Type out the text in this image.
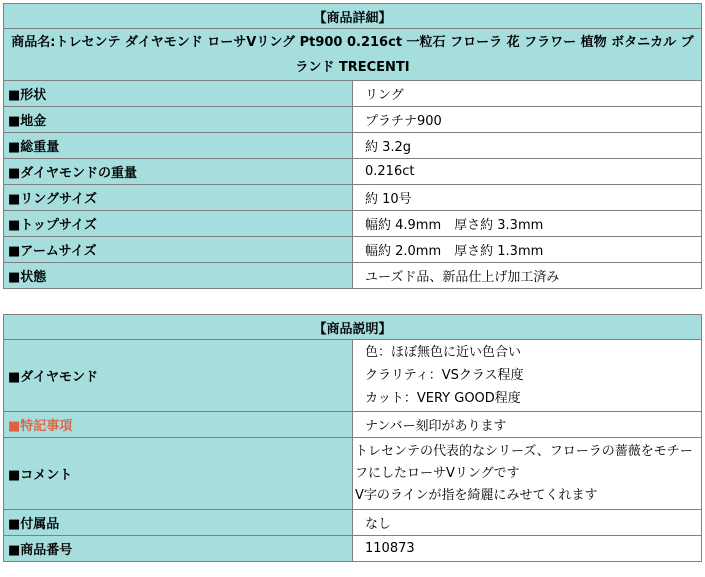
【商品詳細】	
商品名:トレセンテ ダイヤモンド ローサVリング Pt900 0.216ct 一粒石 フローラ 花 フラワー 植物 ボタニカル ブランド TRECENTI	
■形状	リング
■地金	プラチナ900
■総重量	約 3.2g
■ダイヤモンドの重量	0.216ct
■リングサイズ	約 10号
■トップサイズ	幅約 4.9mm　厚さ約 3.3mm
■アームサイズ	幅約 2.0mm　厚さ約 1.3mm
■状態	ユーズド品、新品仕上げ加工済み
【商品説明】	
■ダイヤモンド	色：ほぼ無色に近い色合い
クラリティ：VSクラス程度
カット：VERY GOOD程度

■特記事項	ナンバー刻印があります
■コメント	トレセンテの代表的なシリーズ、フローラの薔薇をモチーフにしたローサVリングです
V字のラインが指を綺麗にみせてくれます

■付属品	なし
■商品番号	110873
